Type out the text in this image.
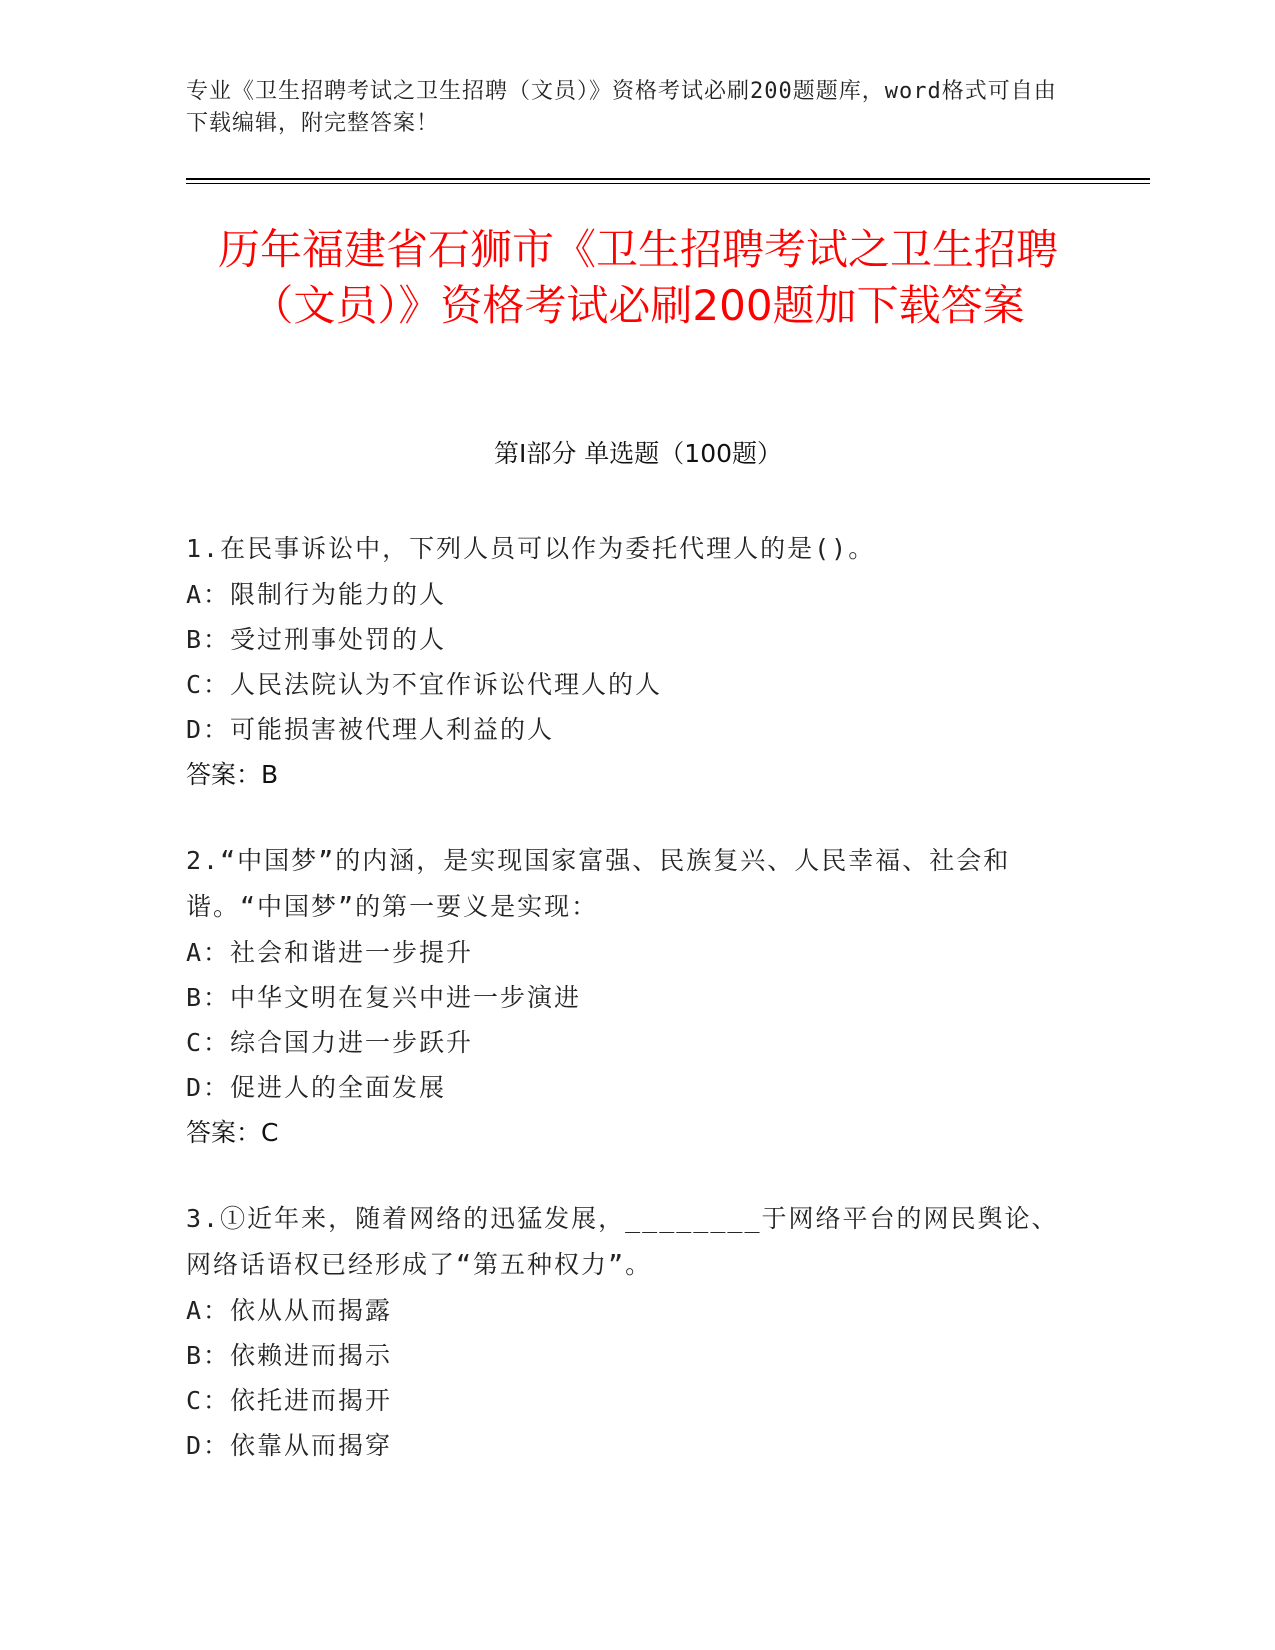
专业《卫生招聘考试之卫生招聘（文员）》资格考试必刷200题题库，word格式可自由下载编辑，附完整答案！
历年福建省石狮市《卫生招聘考试之卫生招聘（文员）》资格考试必刷200题加下载答案
第I部分 单选题（100题）
1.在民事诉讼中，下列人员可以作为委托代理人的是()。
A：限制行为能力的人
B：受过刑事处罚的人
C：人民法院认为不宜作诉讼代理人的人
D：可能损害被代理人利益的人
答案：B
2.“中国梦”的内涵，是实现国家富强、民族复兴、人民幸福、社会和谐。“中国梦”的第一要义是实现：
A：社会和谐进一步提升
B：中华文明在复兴中进一步演进
C：综合国力进一步跃升
D：促进人的全面发展
答案：C
3.①近年来，随着网络的迅猛发展，________于网络平台的网民舆论、网络话语权已经形成了“第五种权力”。
A：依从从而揭露
B：依赖进而揭示
C：依托进而揭开
D：依靠从而揭穿
